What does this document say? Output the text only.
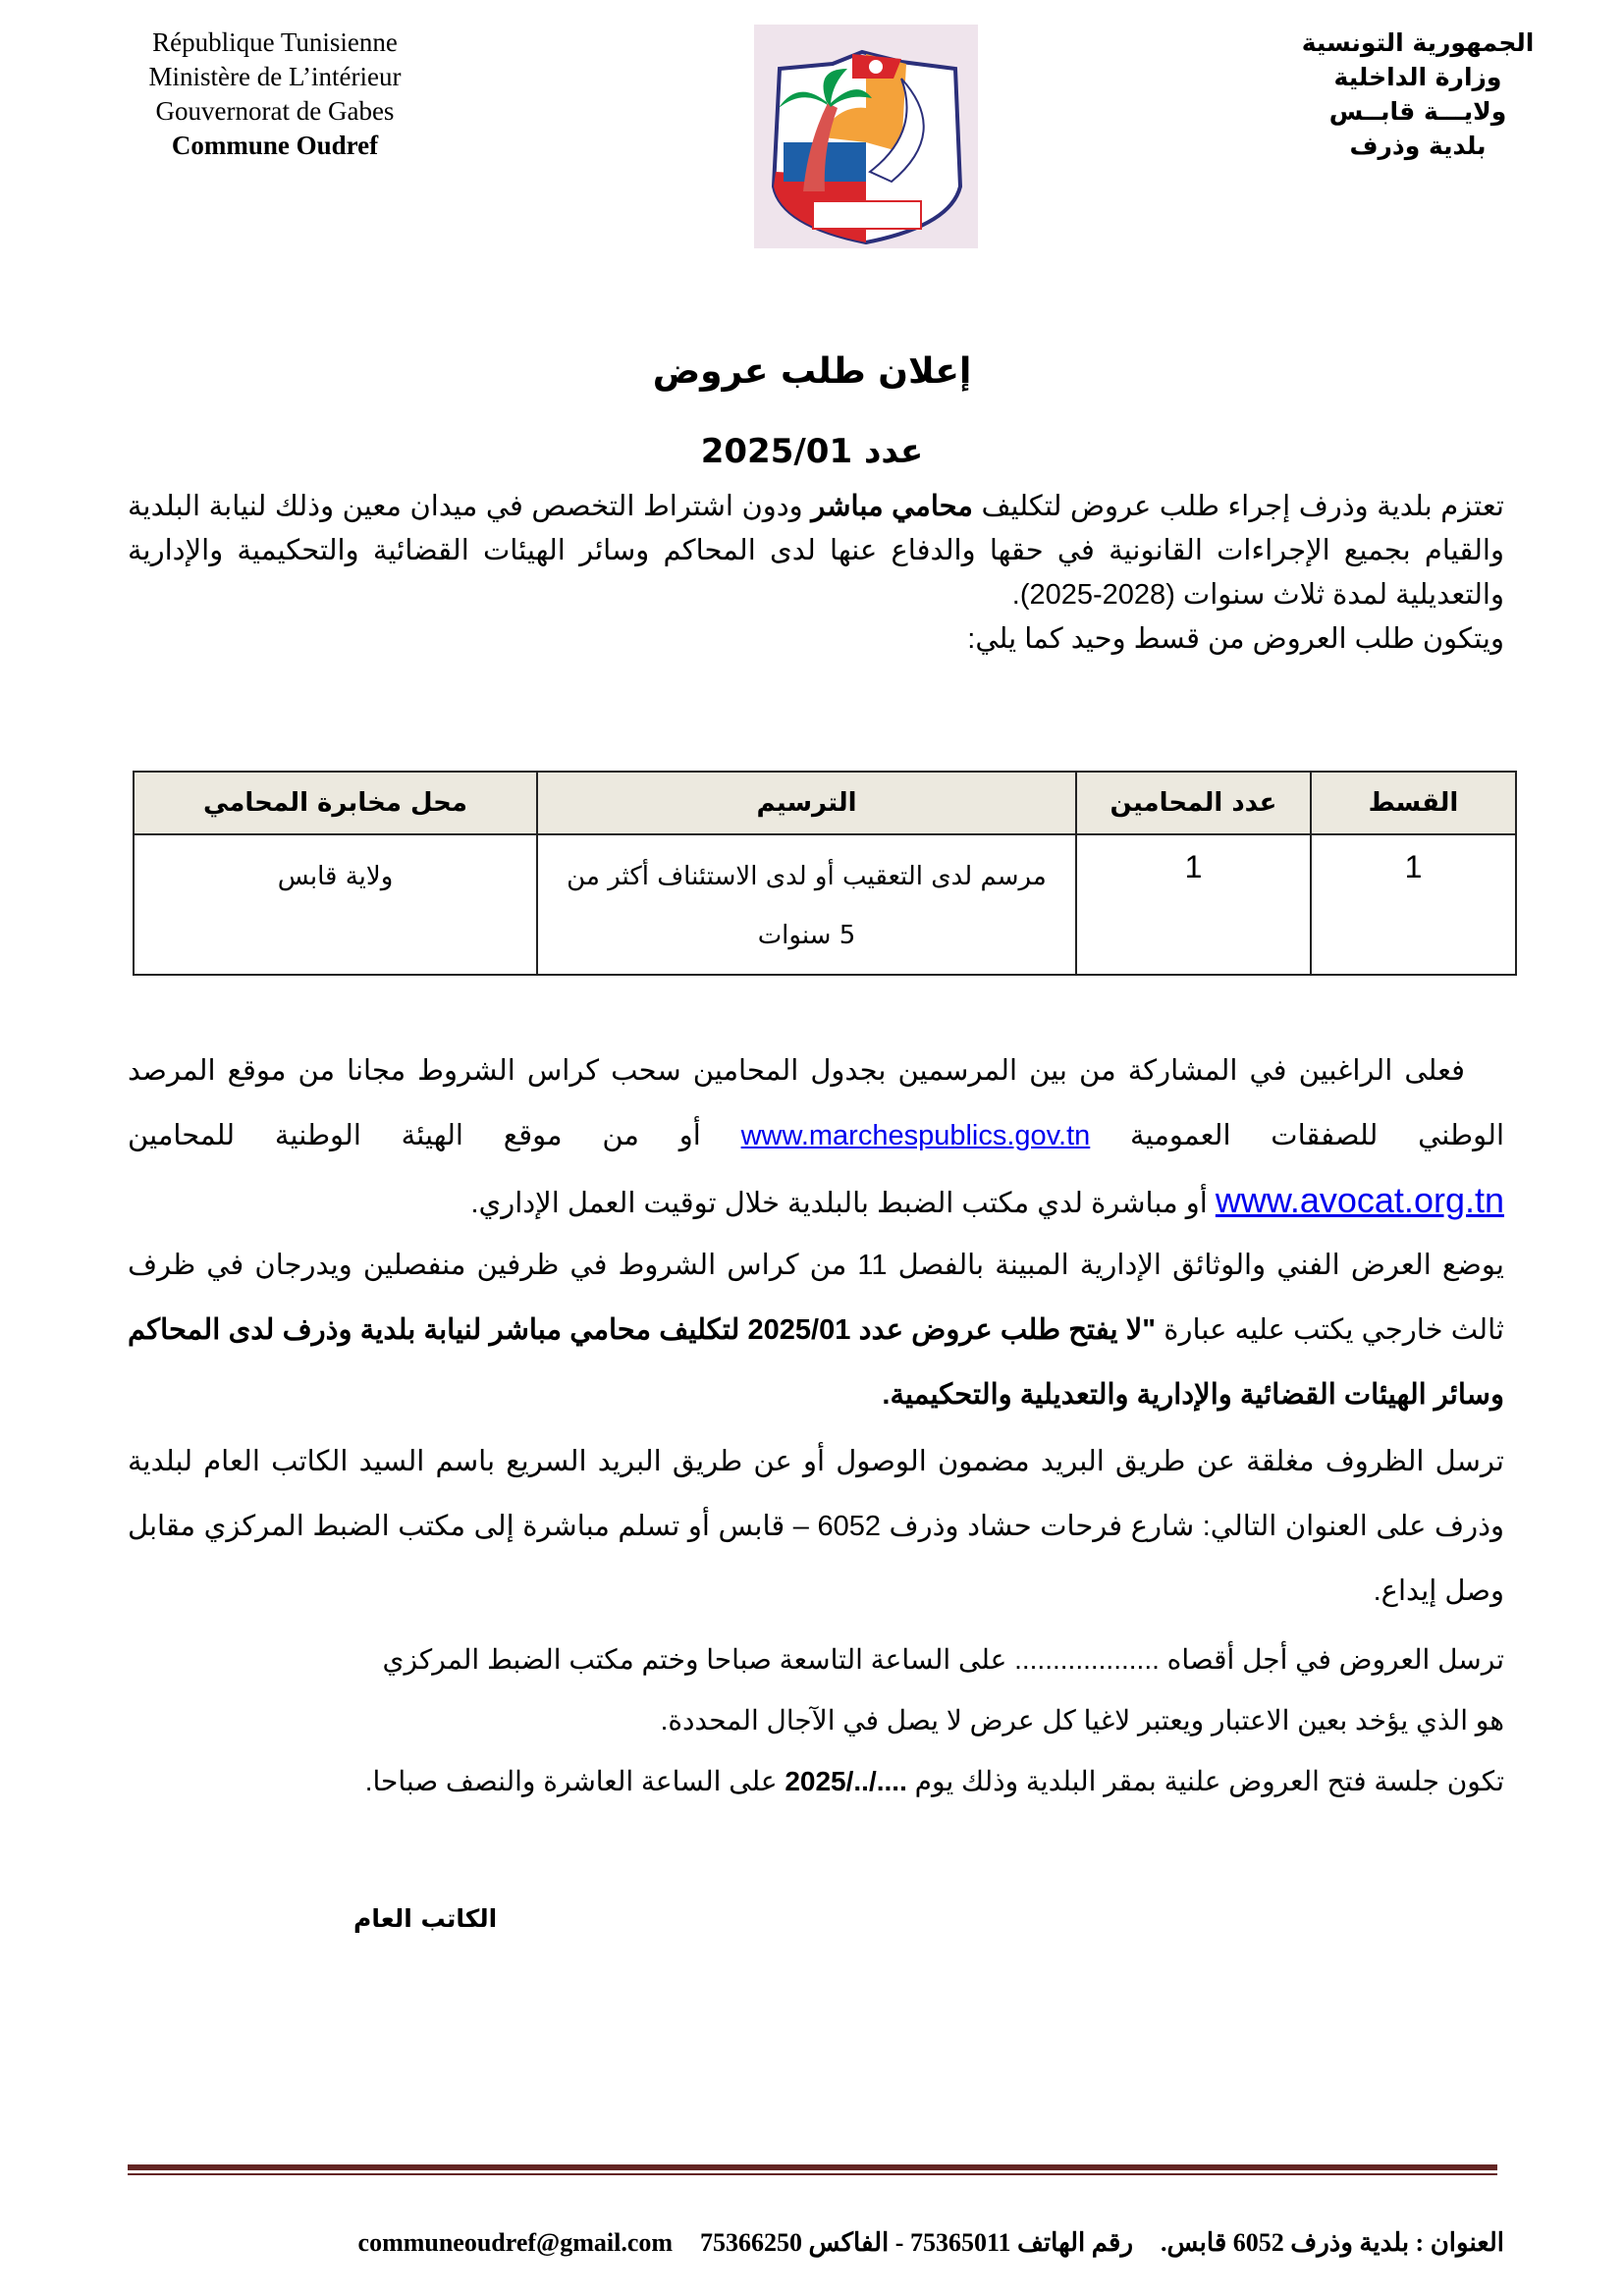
République Tunisienne
Ministère de L’intérieur
Gouvernorat de Gabes
Commune Oudref
الجمهورية التونسية
وزارة الداخلية
ولايـــة قابــس
بلدية وذرف
إعلان طلب عروض
عدد 2025/01
تعتزم بلدية وذرف إجراء طلب عروض لتكليف محامي مباشر ودون اشتراط التخصص في ميدان معين وذلك لنيابة البلدية والقيام بجميع الإجراءات القانونية في حقها والدفاع عنها لدى المحاكم وسائر الهيئات القضائية والتحكيمية والإدارية والتعديلية لمدة ثلاث سنوات (2028-2025).
ويتكون طلب العروض من قسط وحيد كما يلي:
القسط	عدد المحامين	الترسيم	محل مخابرة المحامي
1	1	مرسم لدى التعقيب أو لدى الاستئناف أكثر من 5 سنوات	ولاية قابس
فعلى الراغبين في المشاركة من بين المرسمين بجدول المحامين سحب كراس الشروط مجانا من موقع المرصد الوطني للصفقات العمومية www.marchespublics.gov.tn أو من موقع الهيئة الوطنية للمحامين www.avocat.org.tn أو مباشرة لدي مكتب الضبط بالبلدية خلال توقيت العمل الإداري.
يوضع العرض الفني والوثائق الإدارية المبينة بالفصل 11 من كراس الشروط في ظرفين منفصلين ويدرجان في ظرف ثالث خارجي يكتب عليه عبارة "لا يفتح طلب عروض عدد 2025/01 لتكليف محامي مباشر لنيابة بلدية وذرف لدى المحاكم وسائر الهيئات القضائية والإدارية والتعديلية والتحكيمية.
ترسل الظروف مغلقة عن طريق البريد مضمون الوصول أو عن طريق البريد السريع باسم السيد الكاتب العام لبلدية وذرف على العنوان التالي: شارع فرحات حشاد وذرف 6052 – قابس أو تسلم مباشرة إلى مكتب الضبط المركزي مقابل وصل إيداع.
ترسل العروض في أجل أقصاه ................... على الساعة التاسعة صباحا وختم مكتب الضبط المركزي
هو الذي يؤخد بعين الاعتبار ويعتبر لاغيا كل عرض لا يصل في الآجال المحددة.
تكون جلسة فتح العروض علنية بمقر البلدية وذلك يوم ..../../2025 على الساعة العاشرة والنصف صباحا.
الكاتب العام
العنوان : بلدية وذرف 6052 قابس.رقم الهاتف 75365011 - الفاكس 75366250communeoudref@gmail.com
